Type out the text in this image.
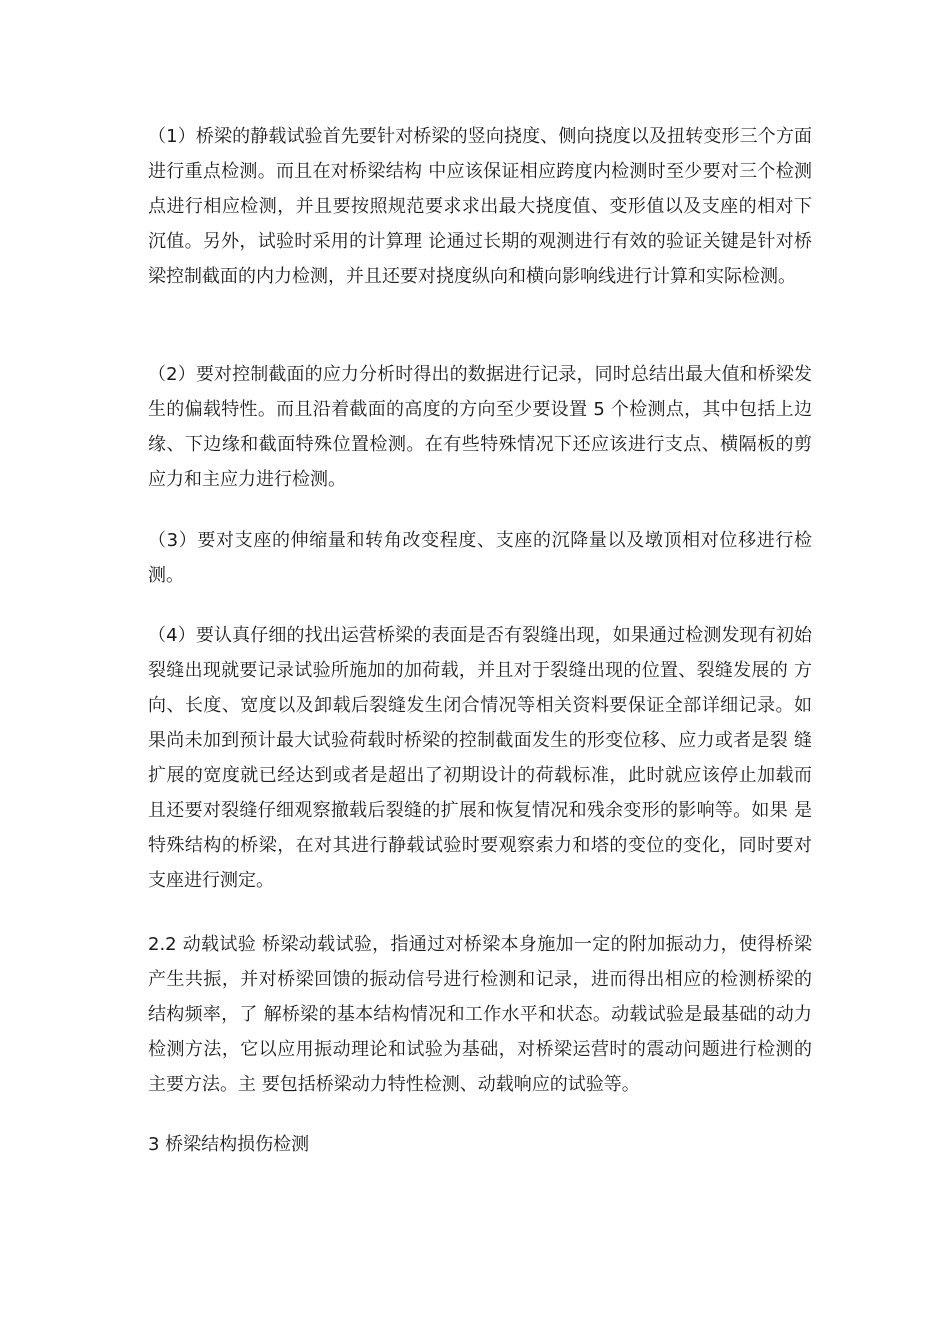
（1）桥梁的静载试验首先要针对桥梁的竖向挠度、侧向挠度以及扭转变形三个方面进行重点检测。而且在对桥梁结构 中应该保证相应跨度内检测时至少要对三个检测点进行相应检测，并且要按照规范要求求出最大挠度值、变形值以及支座的相对下沉值。另外，试验时采用的计算理 论通过长期的观测进行有效的验证关键是针对桥梁控制截面的内力检测，并且还要对挠度纵向和横向影响线进行计算和实际检测。

（2）要对控制截面的应力分析时得出的数据进行记录，同时总结出最大值和桥梁发生的偏载特性。而且沿着截面的高度的方向至少要设置 5 个检测点，其中包括上边缘、下边缘和截面特殊位置检测。在有些特殊情况下还应该进行支点、横隔板的剪应力和主应力进行检测。

（3）要对支座的伸缩量和转角改变程度、支座的沉降量以及墩顶相对位移进行检测。

（4）要认真仔细的找出运营桥梁的表面是否有裂缝出现，如果通过检测发现有初始裂缝出现就要记录试验所施加的加荷载，并且对于裂缝出现的位置、裂缝发展的 方向、长度、宽度以及卸载后裂缝发生闭合情况等相关资料要保证全部详细记录。如果尚未加到预计最大试验荷载时桥梁的控制截面发生的形变位移、应力或者是裂 缝扩展的宽度就已经达到或者是超出了初期设计的荷载标准，此时就应该停止加载而且还要对裂缝仔细观察撤载后裂缝的扩展和恢复情况和残余变形的影响等。如果 是特殊结构的桥梁，在对其进行静载试验时要观察索力和塔的变位的变化，同时要对支座进行测定。

2.2 动载试验 桥梁动载试验，指通过对桥梁本身施加一定的附加振动力，使得桥梁产生共振，并对桥梁回馈的振动信号进行检测和记录，进而得出相应的检测桥梁的结构频率，了 解桥梁的基本结构情况和工作水平和状态。动载试验是最基础的动力检测方法，它以应用振动理论和试验为基础，对桥梁运营时的震动问题进行检测的主要方法。主 要包括桥梁动力特性检测、动载响应的试验等。

3 桥梁结构损伤检测
